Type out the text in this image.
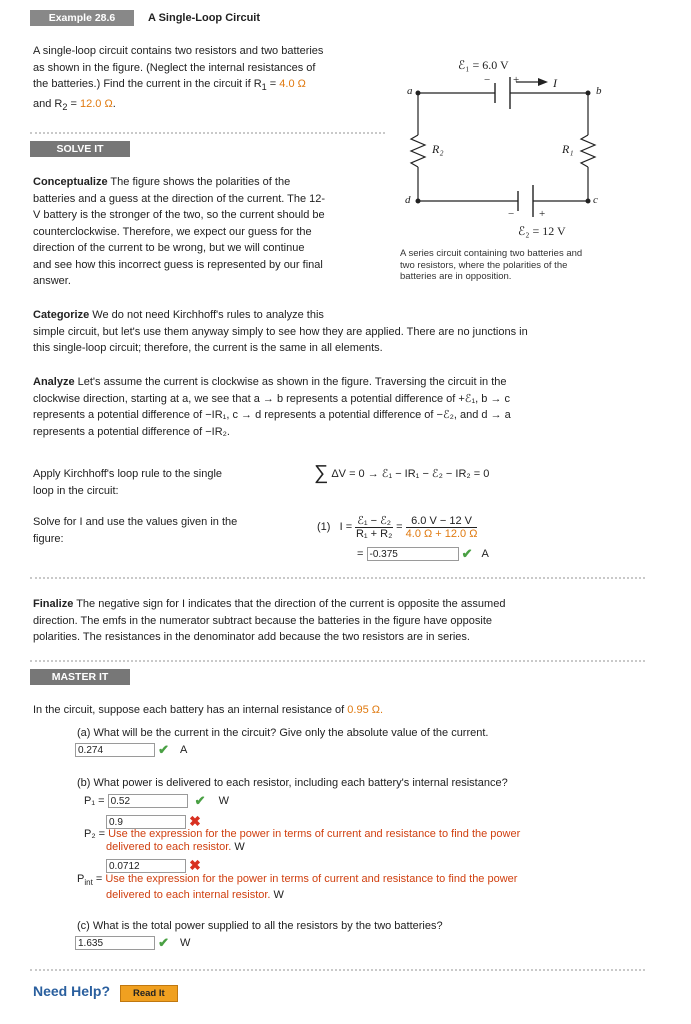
Example 28.6	A Single-Loop Circuit
A single-loop circuit contains two resistors and two batteries
as shown in the figure. (Neglect the internal resistances of
the batteries.) Find the current in the circuit if $R_1 = 4.0$ Ω
and $R_2 = 12.0$ Ω.
ℰ₁ = 6.0 V
− +	I
a	b
R₂	R₁
d	c
− +
ℰ₂ = 12 V
A series circuit containing two batteries and
two resistors, where the polarities of the
batteries are in opposition.
SOLVE IT
Conceptualize The figure shows the polarities of the
batteries and a guess at the direction of the current. The 12-
V battery is the stronger of the two, so the current should be
counterclockwise. Therefore, we expect our guess for the
direction of the current to be wrong, but we will continue
and see how this incorrect guess is represented by our final
answer.
Categorize We do not need Kirchhoff's rules to analyze this
simple circuit, but let's use them anyway simply to see how they are applied. There are no junctions in
this single-loop circuit; therefore, the current is the same in all elements.
Analyze Let's assume the current is clockwise as shown in the figure. Traversing the circuit in the
clockwise direction, starting at a, we see that a → b represents a potential difference of +ℰ₁, b → c
represents a potential difference of −IR₁, c → d represents a potential difference of −ℰ₂, and d → a
represents a potential difference of −IR₂.
Apply Kirchhoff's loop rule to the single
loop in the circuit:
∑ ΔV = 0 → ℰ₁ − IR₁ − ℰ₂ − IR₂ = 0
Solve for I and use the values given in the
figure:
(1) $I = \frac{\text{ℰ₁ − ℰ₂}}{\text{R₁ + R₂}} = \frac{6.0 V - 12 V}{4.0 \Omega + 12.0 \Omega}$
= -0.375	✔ A
Finalize The negative sign for I indicates that the direction of the current is opposite the assumed
direction. The emfs in the numerator subtract because the batteries in the figure have opposite
polarities. The resistances in the denominator add because the two resistors are in series.
MASTER IT
In the circuit, suppose each battery has an internal resistance of 0.95 Ω.
(a) What will be the current in the circuit? Give only the absolute value of the current.
0.274	✔ A
(b) What power is delivered to each resistor, including each battery's internal resistance?
P₁ = 0.52	✔ W
0.9	✖
P₂ = Use the expression for the power in terms of current and resistance to find the power
delivered to each resistor. W
0.0712	✖
$P_{int}$ = Use the expression for the power in terms of current and resistance to find the power
delivered to each internal resistor. W
(c) What is the total power supplied to all the resistors by the two batteries?
1.635	✔ W
Need Help?	Read It
